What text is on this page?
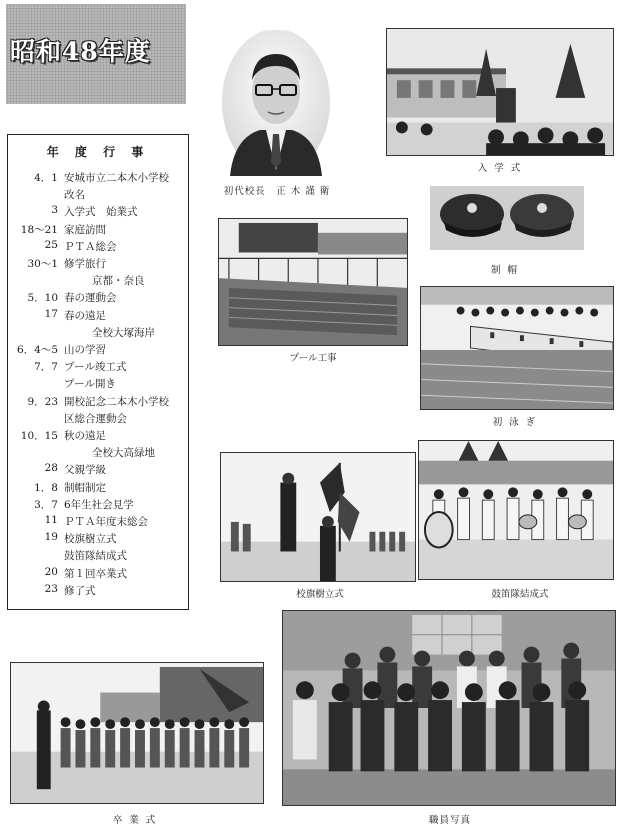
昭和48年度
年 度 行 事
4．1 安城市立二本木小学校
改名
3 入学式　始業式
18～21 家庭訪問
25 ＰＴＡ総会
30～1 修学旅行
京都・奈良
5．10 春の運動会
17 春の遠足
全校大塚海岸
6．4～5 山の学習
7．7 プール竣工式
プール開き
9．23 開校記念二本木小学校
区総合運動会
10．15 秋の遠足
全校大高緑地
28 父親学級
1．8 制帽制定
3．7 6年生社会見学
11 ＰＴＡ年度末総会
19 校旗樹立式
鼓笛隊結成式
20 第１回卒業式
23 修了式
初代校長　正 木 謹 衛
入 学 式
制 帽
プール工事
初 泳 ぎ
校旗樹立式	鼓笛隊結成式
卒 業 式	職員写真
